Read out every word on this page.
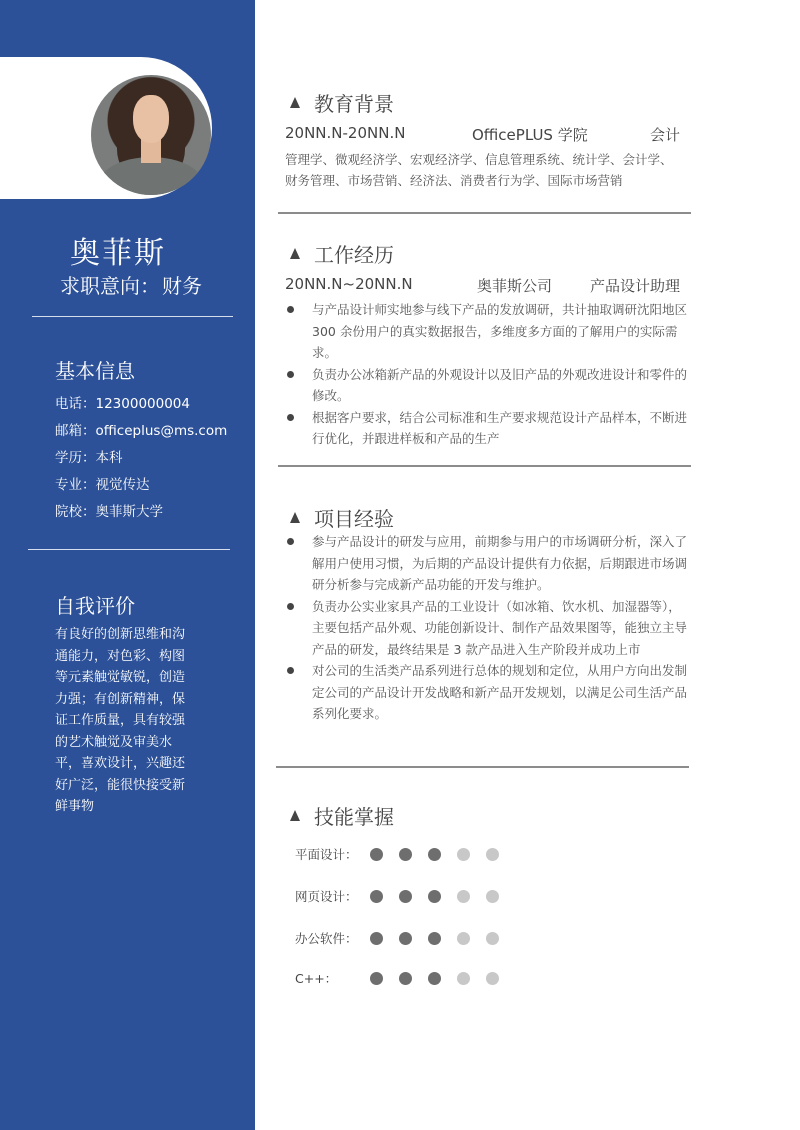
奥菲斯
求职意向： 财务
基本信息
电话：12300000004
邮箱：officeplus@ms.com
学历：本科
专业：视觉传达
院校：奥菲斯大学
自我评价
有良好的创新思维和沟通能力，对色彩、构图等元素触觉敏锐，创造力强；有创新精神，保证工作质量，具有较强的艺术触觉及审美水平，喜欢设计，兴趣还好广泛，能很快接受新鲜事物
教育背景
20NN.N-20NN.N	OfficePLUS 学院	会计
管理学、微观经济学、宏观经济学、信息管理系统、统计学、会计学、财务管理、市场营销、经济法、消费者行为学、国际市场营销
工作经历
20NN.N~20NN.N	奥菲斯公司	产品设计助理
与产品设计师实地参与线下产品的发放调研，共计抽取调研沈阳地区 300 余份用户的真实数据报告，多维度多方面的了解用户的实际需求。
负责办公冰箱新产品的外观设计以及旧产品的外观改进设计和零件的修改。
根据客户要求，结合公司标准和生产要求规范设计产品样本，不断进行优化，并跟进样板和产品的生产
项目经验
参与产品设计的研发与应用，前期参与用户的市场调研分析，深入了解用户使用习惯，为后期的产品设计提供有力依据，后期跟进市场调研分析参与完成新产品功能的开发与维护。
负责办公实业家具产品的工业设计（如冰箱、饮水机、加湿器等），主要包括产品外观、功能创新设计、制作产品效果图等，能独立主导产品的研发，最终结果是 3 款产品进入生产阶段并成功上市
对公司的生活类产品系列进行总体的规划和定位，从用户方向出发制定公司的产品设计开发战略和新产品开发规划，以满足公司生活产品系列化要求。
技能掌握
平面设计：
网页设计：
办公软件：
C++：
